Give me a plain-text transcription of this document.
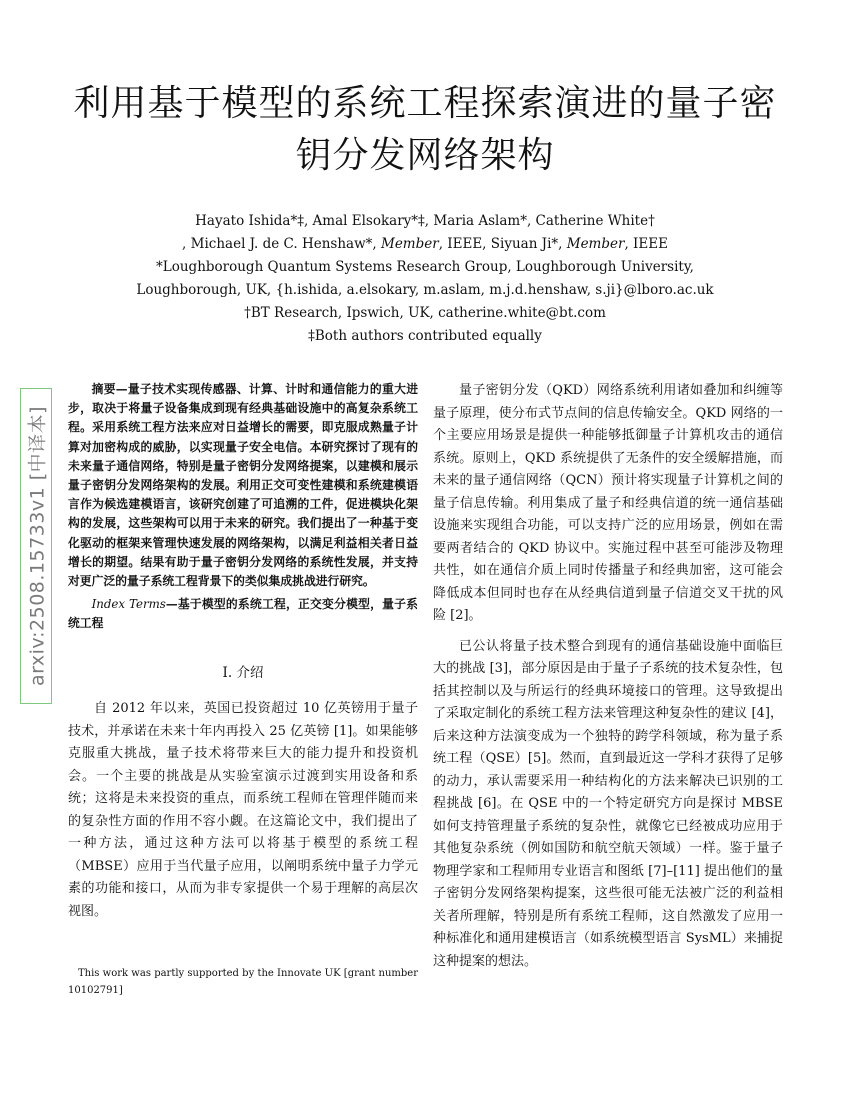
arxiv:2508.15733v1 [中译本]
利用基于模型的系统工程探索演进的量子密钥分发网络架构
Hayato Ishida*‡, Amal Elsokary*‡, Maria Aslam*, Catherine White†
, Michael J. de C. Henshaw*, Member, IEEE, Siyuan Ji*, Member, IEEE
*Loughborough Quantum Systems Research Group, Loughborough University,
Loughborough, UK, {h.ishida, a.elsokary, m.aslam, m.j.d.henshaw, s.ji}@lboro.ac.uk
†BT Research, Ipswich, UK, catherine.white@bt.com
‡Both authors contributed equally

摘要—量子技术实现传感器、计算、计时和通信能力的重大进步，取决于将量子设备集成到现有经典基础设施中的高复杂系统工程。采用系统工程方法来应对日益增长的需要，即克服成熟量子计算对加密构成的威胁，以实现量子安全电信。本研究探讨了现有的未来量子通信网络，特别是量子密钥分发网络提案，以建模和展示量子密钥分发网络架构的发展。利用正交可变性建模和系统建模语言作为候选建模语言，该研究创建了可追溯的工件，促进模块化架构的发展，这些架构可以用于未来的研究。我们提出了一种基于变化驱动的框架来管理快速发展的网络架构，以满足利益相关者日益增长的期望。结果有助于量子密钥分发网络的系统性发展，并支持对更广泛的量子系统工程背景下的类似集成挑战进行研究。

Index Terms—基于模型的系统工程，正交变分模型，量子系统工程

I. 介绍

自 2012 年以来，英国已投资超过 10 亿英镑用于量子技术，并承诺在未来十年内再投入 25 亿英镑 [1]。如果能够克服重大挑战，量子技术将带来巨大的能力提升和投资机会。一个主要的挑战是从实验室演示过渡到实用设备和系统；这将是未来投资的重点，而系统工程师在管理伴随而来的复杂性方面的作用不容小觑。在这篇论文中，我们提出了一种方法，通过这种方法可以将基于模型的系统工程（MBSE）应用于当代量子应用，以阐明系统中量子力学元素的功能和接口，从而为非专家提供一个易于理解的高层次视图。

This work was partly supported by the Innovate UK [grant number 10102791]

量子密钥分发（QKD）网络系统利用诸如叠加和纠缠等量子原理，使分布式节点间的信息传输安全。QKD 网络的一个主要应用场景是提供一种能够抵御量子计算机攻击的通信系统。原则上，QKD 系统提供了无条件的安全缓解措施，而未来的量子通信网络（QCN）预计将实现量子计算机之间的量子信息传输。利用集成了量子和经典信道的统一通信基础设施来实现组合功能，可以支持广泛的应用场景，例如在需要两者结合的 QKD 协议中。实施过程中甚至可能涉及物理共性，如在通信介质上同时传播量子和经典加密，这可能会降低成本但同时也存在从经典信道到量子信道交叉干扰的风险 [2]。

已公认将量子技术整合到现有的通信基础设施中面临巨大的挑战 [3]，部分原因是由于量子子系统的技术复杂性，包括其控制以及与所运行的经典环境接口的管理。这导致提出了采取定制化的系统工程方法来管理这种复杂性的建议 [4]，后来这种方法演变成为一个独特的跨学科领域，称为量子系统工程（QSE）[5]。然而，直到最近这一学科才获得了足够的动力，承认需要采用一种结构化的方法来解决已识别的工程挑战 [6]。在 QSE 中的一个特定研究方向是探讨 MBSE 如何支持管理量子系统的复杂性，就像它已经被成功应用于其他复杂系统（例如国防和航空航天领域）一样。鉴于量子物理学家和工程师用专业语言和图纸 [7]–[11] 提出他们的量子密钥分发网络架构提案，这些很可能无法被广泛的利益相关者所理解，特别是所有系统工程师，这自然激发了应用一种标准化和通用建模语言（如系统模型语言 SysML）来捕捉这种提案的想法。
